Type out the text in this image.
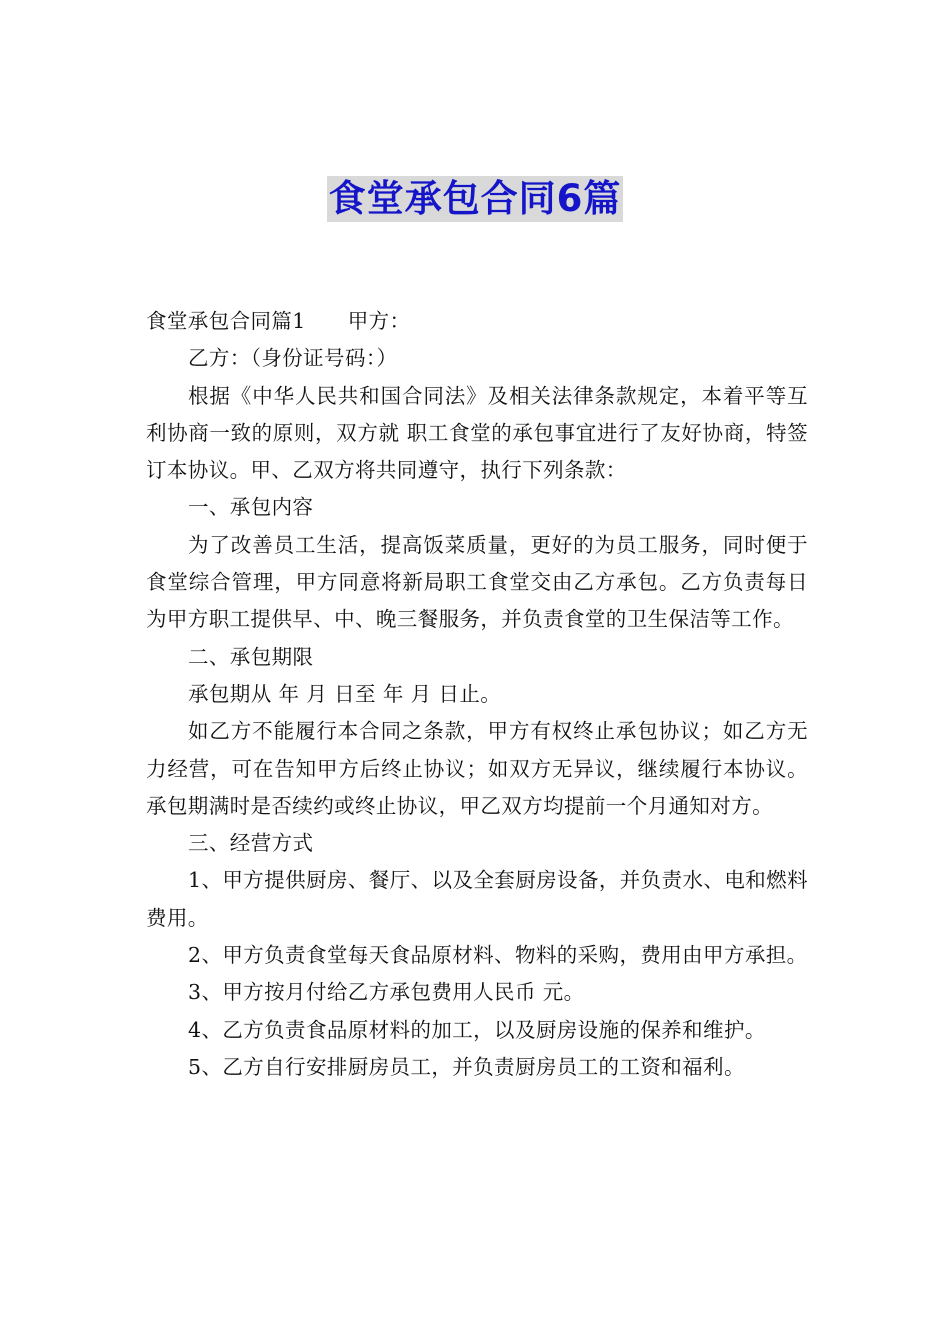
食堂承包合同6篇

食堂承包合同篇1 甲方：

乙方：（身份证号码：）

根据《中华人民共和国合同法》及相关法律条款规定，本着平等互利协商一致的原则，双方就 职工食堂的承包事宜进行了友好协商，特签订本协议。甲、乙双方将共同遵守，执行下列条款：

一、承包内容

为了改善员工生活，提高饭菜质量，更好的为员工服务，同时便于食堂综合管理，甲方同意将新局职工食堂交由乙方承包。乙方负责每日为甲方职工提供早、中、晚三餐服务，并负责食堂的卫生保洁等工作。

二、承包期限

承包期从 年 月 日至 年 月 日止。

如乙方不能履行本合同之条款，甲方有权终止承包协议；如乙方无力经营，可在告知甲方后终止协议；如双方无异议，继续履行本协议。承包期满时是否续约或终止协议，甲乙双方均提前一个月通知对方。

三、经营方式

1、甲方提供厨房、餐厅、以及全套厨房设备，并负责水、电和燃料费用。

2、甲方负责食堂每天食品原材料、物料的采购，费用由甲方承担。

3、甲方按月付给乙方承包费用人民币 元。

4、乙方负责食品原材料的加工，以及厨房设施的保养和维护。

5、乙方自行安排厨房员工，并负责厨房员工的工资和福利。
